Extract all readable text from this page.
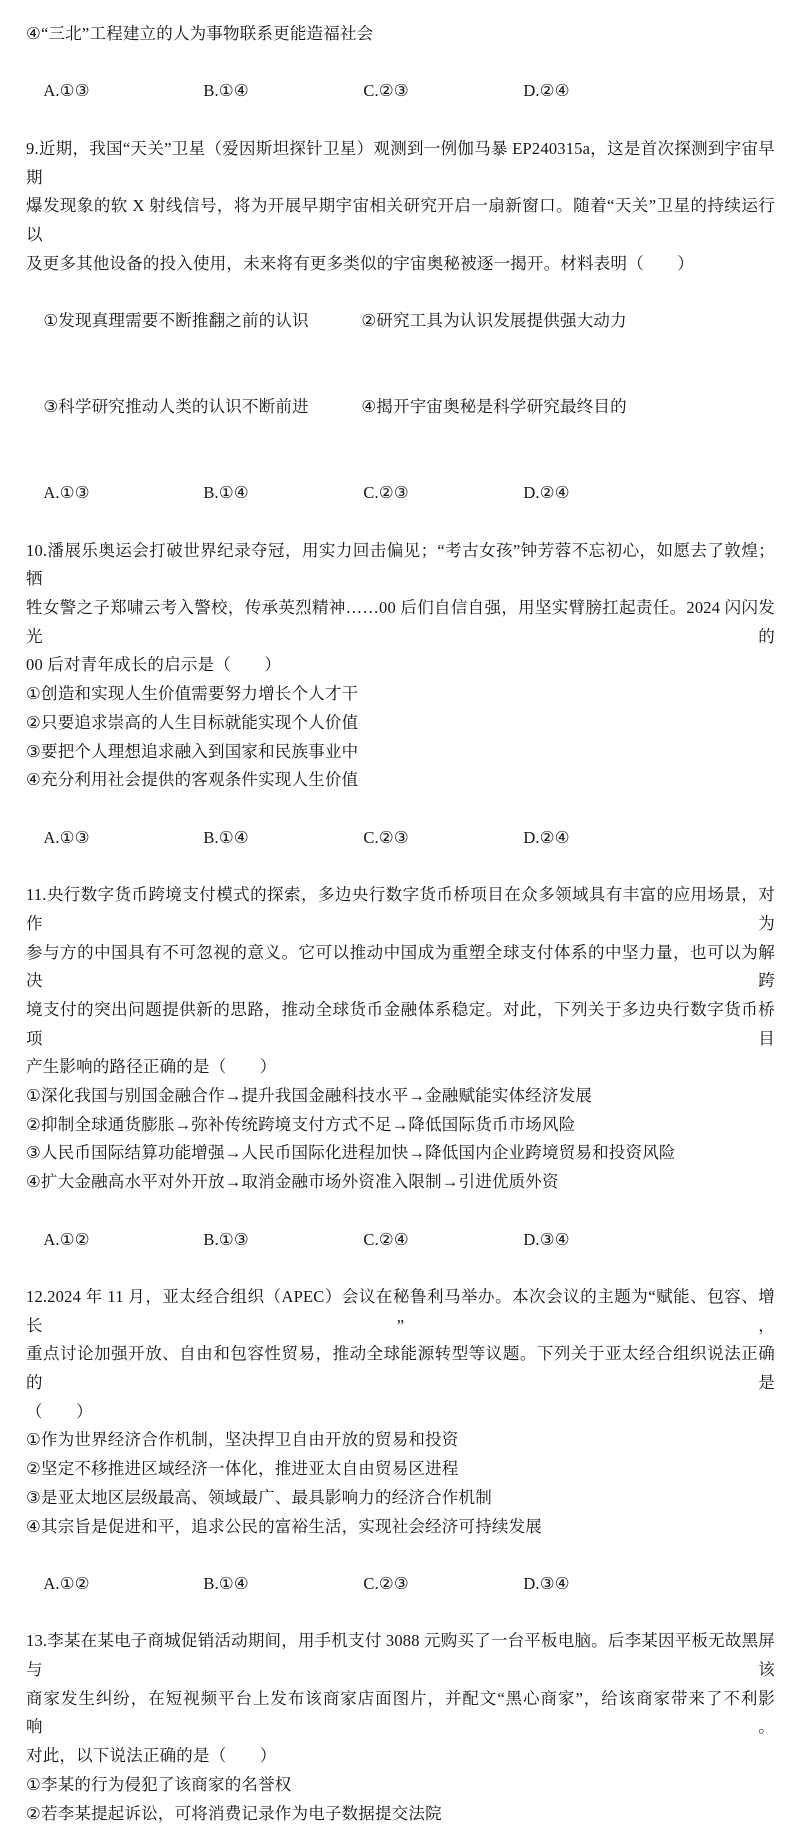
④“三北”工程建立的人为事物联系更能造福社会

A.①③	B.①④	C.②③	D.②④

9.近期，我国“天关”卫星（爱因斯坦探针卫星）观测到一例伽马暴 EP240315a，这是首次探测到宇宙早期
爆发现象的软 X 射线信号，将为开展早期宇宙相关研究开启一扇新窗口。随着“天关”卫星的持续运行以
及更多其他设备的投入使用，未来将有更多类似的宇宙奥秘被逐一揭开。材料表明（　　）

①发现真理需要不断推翻之前的认识	②研究工具为认识发展提供强大动力

③科学研究推动人类的认识不断前进	④揭开宇宙奥秘是科学研究最终目的

A.①③	B.①④	C.②③	D.②④

10.潘展乐奥运会打破世界纪录夺冠，用实力回击偏见；“考古女孩”钟芳蓉不忘初心，如愿去了敦煌；牺
牲女警之子郑啸云考入警校，传承英烈精神……00 后们自信自强，用坚实臂膀扛起责任。2024 闪闪发光的
00 后对青年成长的启示是（　　）
①创造和实现人生价值需要努力增长个人才干
②只要追求崇高的人生目标就能实现个人价值
③要把个人理想追求融入到国家和民族事业中
④充分利用社会提供的客观条件实现人生价值

A.①③	B.①④	C.②③	D.②④

11.央行数字货币跨境支付模式的探索，多边央行数字货币桥项目在众多领域具有丰富的应用场景，对作为
参与方的中国具有不可忽视的意义。它可以推动中国成为重塑全球支付体系的中坚力量，也可以为解决跨
境支付的突出问题提供新的思路，推动全球货币金融体系稳定。对此，下列关于多边央行数字货币桥项目
产生影响的路径正确的是（　　）
①深化我国与别国金融合作→提升我国金融科技水平→金融赋能实体经济发展
②抑制全球通货膨胀→弥补传统跨境支付方式不足→降低国际货币市场风险
③人民币国际结算功能增强→人民币国际化进程加快→降低国内企业跨境贸易和投资风险
④扩大金融高水平对外开放→取消金融市场外资准入限制→引进优质外资

A.①②	B.①③	C.②④	D.③④

12.2024 年 11 月，亚太经合组织（APEC）会议在秘鲁利马举办。本次会议的主题为“赋能、包容、增长”，
重点讨论加强开放、自由和包容性贸易，推动全球能源转型等议题。下列关于亚太经合组织说法正确的是
（　　）
①作为世界经济合作机制，坚决捍卫自由开放的贸易和投资
②坚定不移推进区域经济一体化，推进亚太自由贸易区进程
③是亚太地区层级最高、领域最广、最具影响力的经济合作机制
④其宗旨是促进和平，追求公民的富裕生活，实现社会经济可持续发展

A.①②	B.①④	C.②③	D.③④

13.李某在某电子商城促销活动期间，用手机支付 3088 元购买了一台平板电脑。后李某因平板无故黑屏与该
商家发生纠纷，在短视频平台上发布该商家店面图片，并配文“黑心商家”，给该商家带来了不利影响。
对此，以下说法正确的是（　　）
①李某的行为侵犯了该商家的名誉权
②若李某提起诉讼，可将消费记录作为电子数据提交法院
